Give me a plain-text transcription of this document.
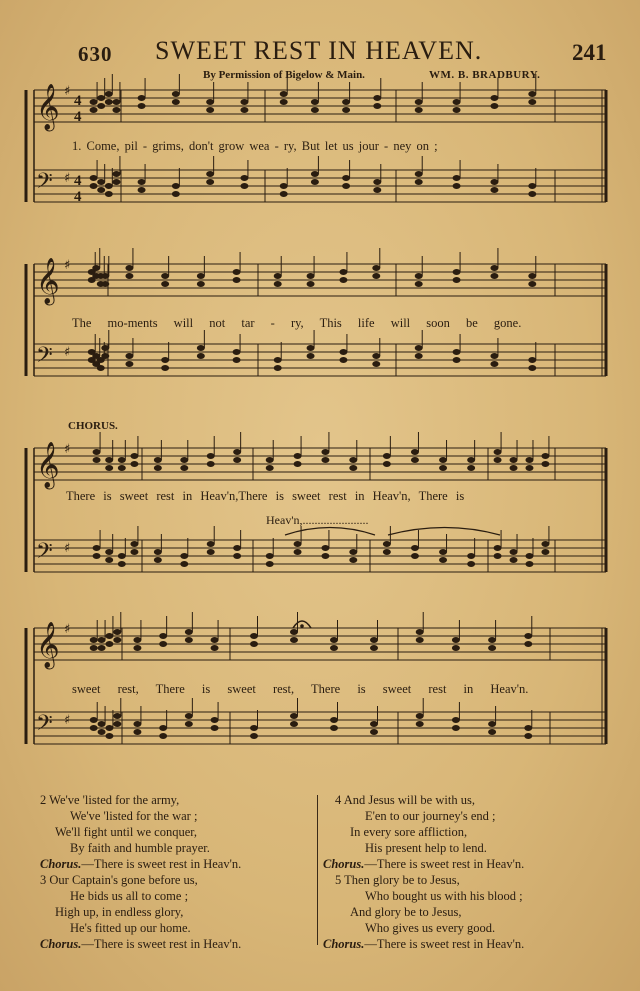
630 SWEET REST IN HEAVEN.	241
By Permission of Bigelow & Main.	WM. B. BRADBURY.
𝄞 ♯
4
4
𝄢 ♯ 4
4
𝄞 ♯
𝄢 ♯
𝄞 ♯
𝄢 ♯
𝄞 ♯
𝄢 ♯
1. Come, pil - grims, don't grow wea - ry, But let us jour - ney on ;
The mo-ments will not tar - ry, This life will soon be gone.
CHORUS.
There is sweet rest in Heav'n,There is sweet rest in Heav'n, There is
Heav'n,......................
sweet rest, There is sweet rest, There is sweet rest in Heav'n.
2 We've 'listed for the army,
We've 'listed for the war ;
We'll fight until we conquer,
By faith and humble prayer.
Chorus.—There is sweet rest in Heav'n.
3 Our Captain's gone before us,
He bids us all to come ;
High up, in endless glory,
He's fitted up our home.
Chorus.—There is sweet rest in Heav'n.
4 And Jesus will be with us,
E'en to our journey's end ;
In every sore affliction,
His present help to lend.
Chorus.—There is sweet rest in Heav'n.
5 Then glory be to Jesus,
Who bought us with his blood ;
And glory be to Jesus,
Who gives us every good.
Chorus.—There is sweet rest in Heav'n.
